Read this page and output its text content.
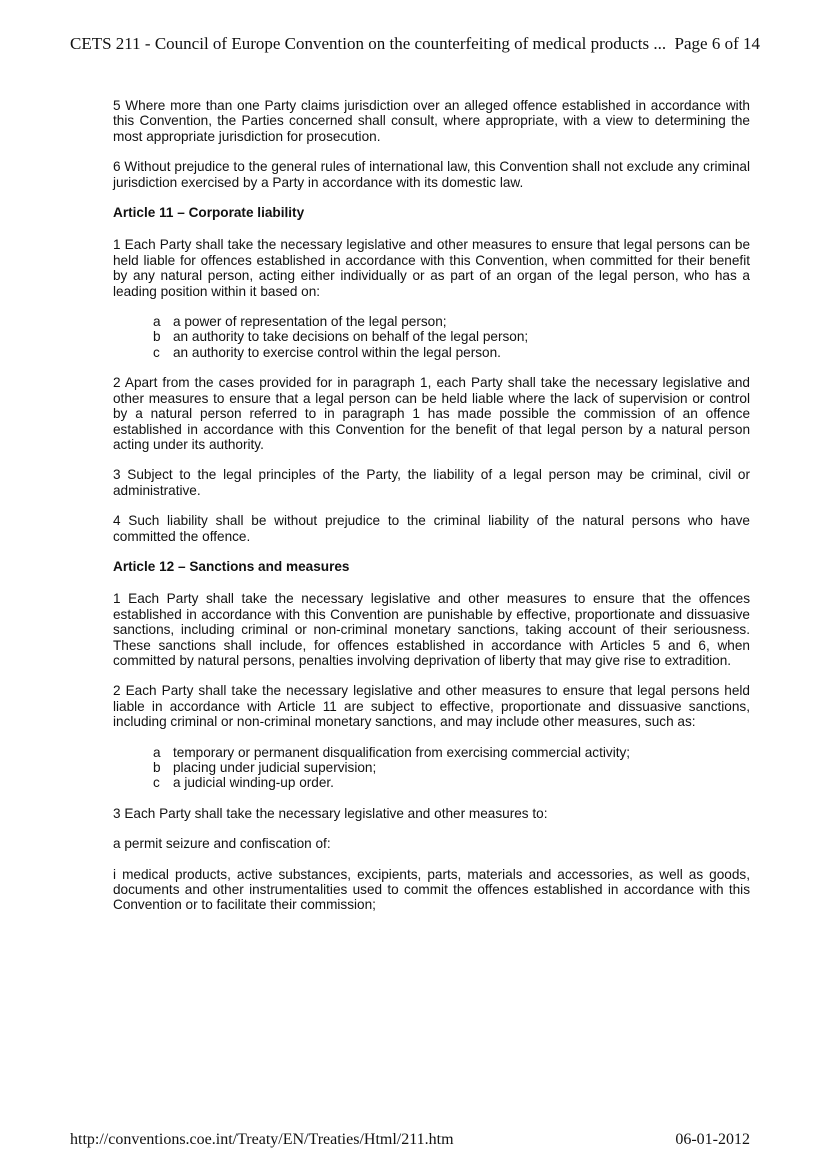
CETS 211 - Council of Europe Convention on the counterfeiting of medical products ... Page 6 of 14

5 Where more than one Party claims jurisdiction over an alleged offence established in accordance with this Convention, the Parties concerned shall consult, where appropriate, with a view to determining the most appropriate jurisdiction for prosecution.

6 Without prejudice to the general rules of international law, this Convention shall not exclude any criminal jurisdiction exercised by a Party in accordance with its domestic law.

Article 11 – Corporate liability

1 Each Party shall take the necessary legislative and other measures to ensure that legal persons can be held liable for offences established in accordance with this Convention, when committed for their benefit by any natural person, acting either individually or as part of an organ of the legal person, who has a leading position within it based on:

a a power of representation of the legal person;
b an authority to take decisions on behalf of the legal person;
c an authority to exercise control within the legal person.

2 Apart from the cases provided for in paragraph 1, each Party shall take the necessary legislative and other measures to ensure that a legal person can be held liable where the lack of supervision or control by a natural person referred to in paragraph 1 has made possible the commission of an offence established in accordance with this Convention for the benefit of that legal person by a natural person acting under its authority.

3 Subject to the legal principles of the Party, the liability of a legal person may be criminal, civil or administrative.

4 Such liability shall be without prejudice to the criminal liability of the natural persons who have committed the offence.

Article 12 – Sanctions and measures

1 Each Party shall take the necessary legislative and other measures to ensure that the offences established in accordance with this Convention are punishable by effective, proportionate and dissuasive sanctions, including criminal or non-criminal monetary sanctions, taking account of their seriousness. These sanctions shall include, for offences established in accordance with Articles 5 and 6, when committed by natural persons, penalties involving deprivation of liberty that may give rise to extradition.

2 Each Party shall take the necessary legislative and other measures to ensure that legal persons held liable in accordance with Article 11 are subject to effective, proportionate and dissuasive sanctions, including criminal or non-criminal monetary sanctions, and may include other measures, such as:

a temporary or permanent disqualification from exercising commercial activity;
b placing under judicial supervision;
c a judicial winding-up order.

3 Each Party shall take the necessary legislative and other measures to:

a permit seizure and confiscation of:

i medical products, active substances, excipients, parts, materials and accessories, as well as goods, documents and other instrumentalities used to commit the offences established in accordance with this Convention or to facilitate their commission;

http://conventions.coe.int/Treaty/EN/Treaties/Html/211.htm	06-01-2012
